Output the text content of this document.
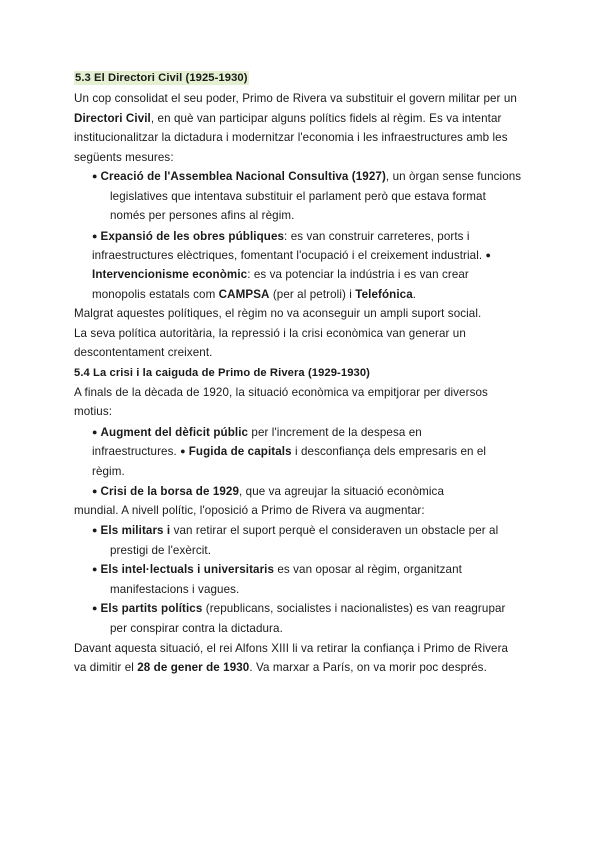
5.3 El Directori Civil (1925-1930)
Un cop consolidat el seu poder, Primo de Rivera va substituir el govern militar per un
Directori Civil, en què van participar alguns polítics fidels al règim. Es va intentar
institucionalitzar la dictadura i modernitzar l'economia i les infraestructures amb les
següents mesures:
● Creació de l'Assemblea Nacional Consultiva (1927), un òrgan sense funcions
legislatives que intentava substituir el parlament però que estava format
només per persones afins al règim.
● Expansió de les obres públiques: es van construir carreteres, ports i
infraestructures elèctriques, fomentant l'ocupació i el creixement industrial. ●
Intervencionisme econòmic: es va potenciar la indústria i es van crear
monopolis estatals com CAMPSA (per al petroli) i Telefónica.
Malgrat aquestes polítiques, el règim no va aconseguir un ampli suport social.
La seva política autoritària, la repressió i la crisi econòmica van generar un
descontentament creixent.
5.4 La crisi i la caiguda de Primo de Rivera (1929-1930)
A finals de la dècada de 1920, la situació econòmica va empitjorar per diversos
motius:
● Augment del dèficit públic per l'increment de la despesa en
infraestructures. ● Fugida de capitals i desconfiança dels empresaris en el
règim.
● Crisi de la borsa de 1929, que va agreujar la situació econòmica
mundial. A nivell polític, l'oposició a Primo de Rivera va augmentar:
● Els militars i van retirar el suport perquè el consideraven un obstacle per al
prestigi de l'exèrcit.
● Els intel·lectuals i universitaris es van oposar al règim, organitzant
manifestacions i vagues.
● Els partits polítics (republicans, socialistes i nacionalistes) es van reagrupar
per conspirar contra la dictadura.
Davant aquesta situació, el rei Alfons XIII li va retirar la confiança i Primo de Rivera
va dimitir el 28 de gener de 1930. Va marxar a París, on va morir poc després.
